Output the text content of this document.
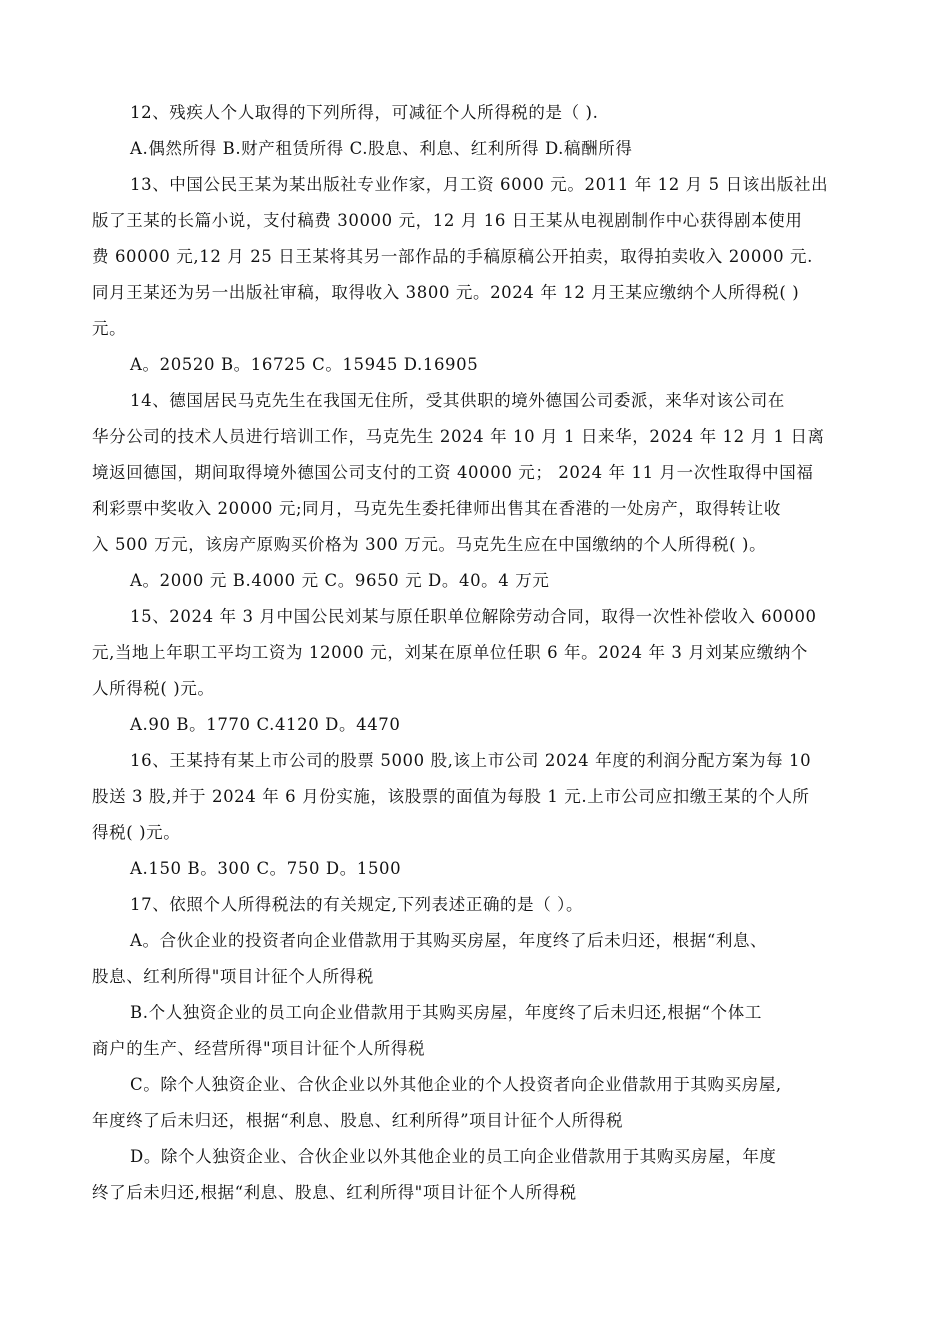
12、残疾人个人取得的下列所得，可减征个人所得税的是（ ).
A.偶然所得 B.财产租赁所得 C.股息、利息、红利所得 D.稿酬所得
13、中国公民王某为某出版社专业作家，月工资 6000 元。2011 年 12 月 5 日该出版社出
版了王某的长篇小说，支付稿费 30000 元，12 月 16 日王某从电视剧制作中心获得剧本使用
费 60000 元,12 月 25 日王某将其另一部作品的手稿原稿公开拍卖，取得拍卖收入 20000 元.
同月王某还为另一出版社审稿，取得收入 3800 元。2024 年 12 月王某应缴纳个人所得税( )
元。
A。20520 B。16725 C。15945 D.16905
14、德国居民马克先生在我国无住所，受其供职的境外德国公司委派，来华对该公司在
华分公司的技术人员进行培训工作，马克先生 2024 年 10 月 1 日来华，2024 年 12 月 1 日离
境返回德国，期间取得境外德国公司支付的工资 40000 元； 2024 年 11 月一次性取得中国福
利彩票中奖收入 20000 元;同月，马克先生委托律师出售其在香港的一处房产，取得转让收
入 500 万元，该房产原购买价格为 300 万元。马克先生应在中国缴纳的个人所得税( )。
A。2000 元 B.4000 元 C。9650 元 D。40。4 万元
15、2024 年 3 月中国公民刘某与原任职单位解除劳动合同，取得一次性补偿收入 60000
元,当地上年职工平均工资为 12000 元，刘某在原单位任职 6 年。2024 年 3 月刘某应缴纳个
人所得税( )元。
A.90 B。1770 C.4120 D。4470
16、王某持有某上市公司的股票 5000 股,该上市公司 2024 年度的利润分配方案为每 10
股送 3 股,并于 2024 年 6 月份实施，该股票的面值为每股 1 元.上市公司应扣缴王某的个人所
得税( )元。
A.150 B。300 C。750 D。1500
17、依照个人所得税法的有关规定,下列表述正确的是（ ）。
A。合伙企业的投资者向企业借款用于其购买房屋，年度终了后未归还，根据“利息、
股息、红利所得"项目计征个人所得税
B.个人独资企业的员工向企业借款用于其购买房屋，年度终了后未归还,根据“个体工
商户的生产、经营所得"项目计征个人所得税
C。除个人独资企业、合伙企业以外其他企业的个人投资者向企业借款用于其购买房屋,
年度终了后未归还，根据“利息、股息、红利所得”项目计征个人所得税
D。除个人独资企业、合伙企业以外其他企业的员工向企业借款用于其购买房屋，年度
终了后未归还,根据“利息、股息、红利所得"项目计征个人所得税
